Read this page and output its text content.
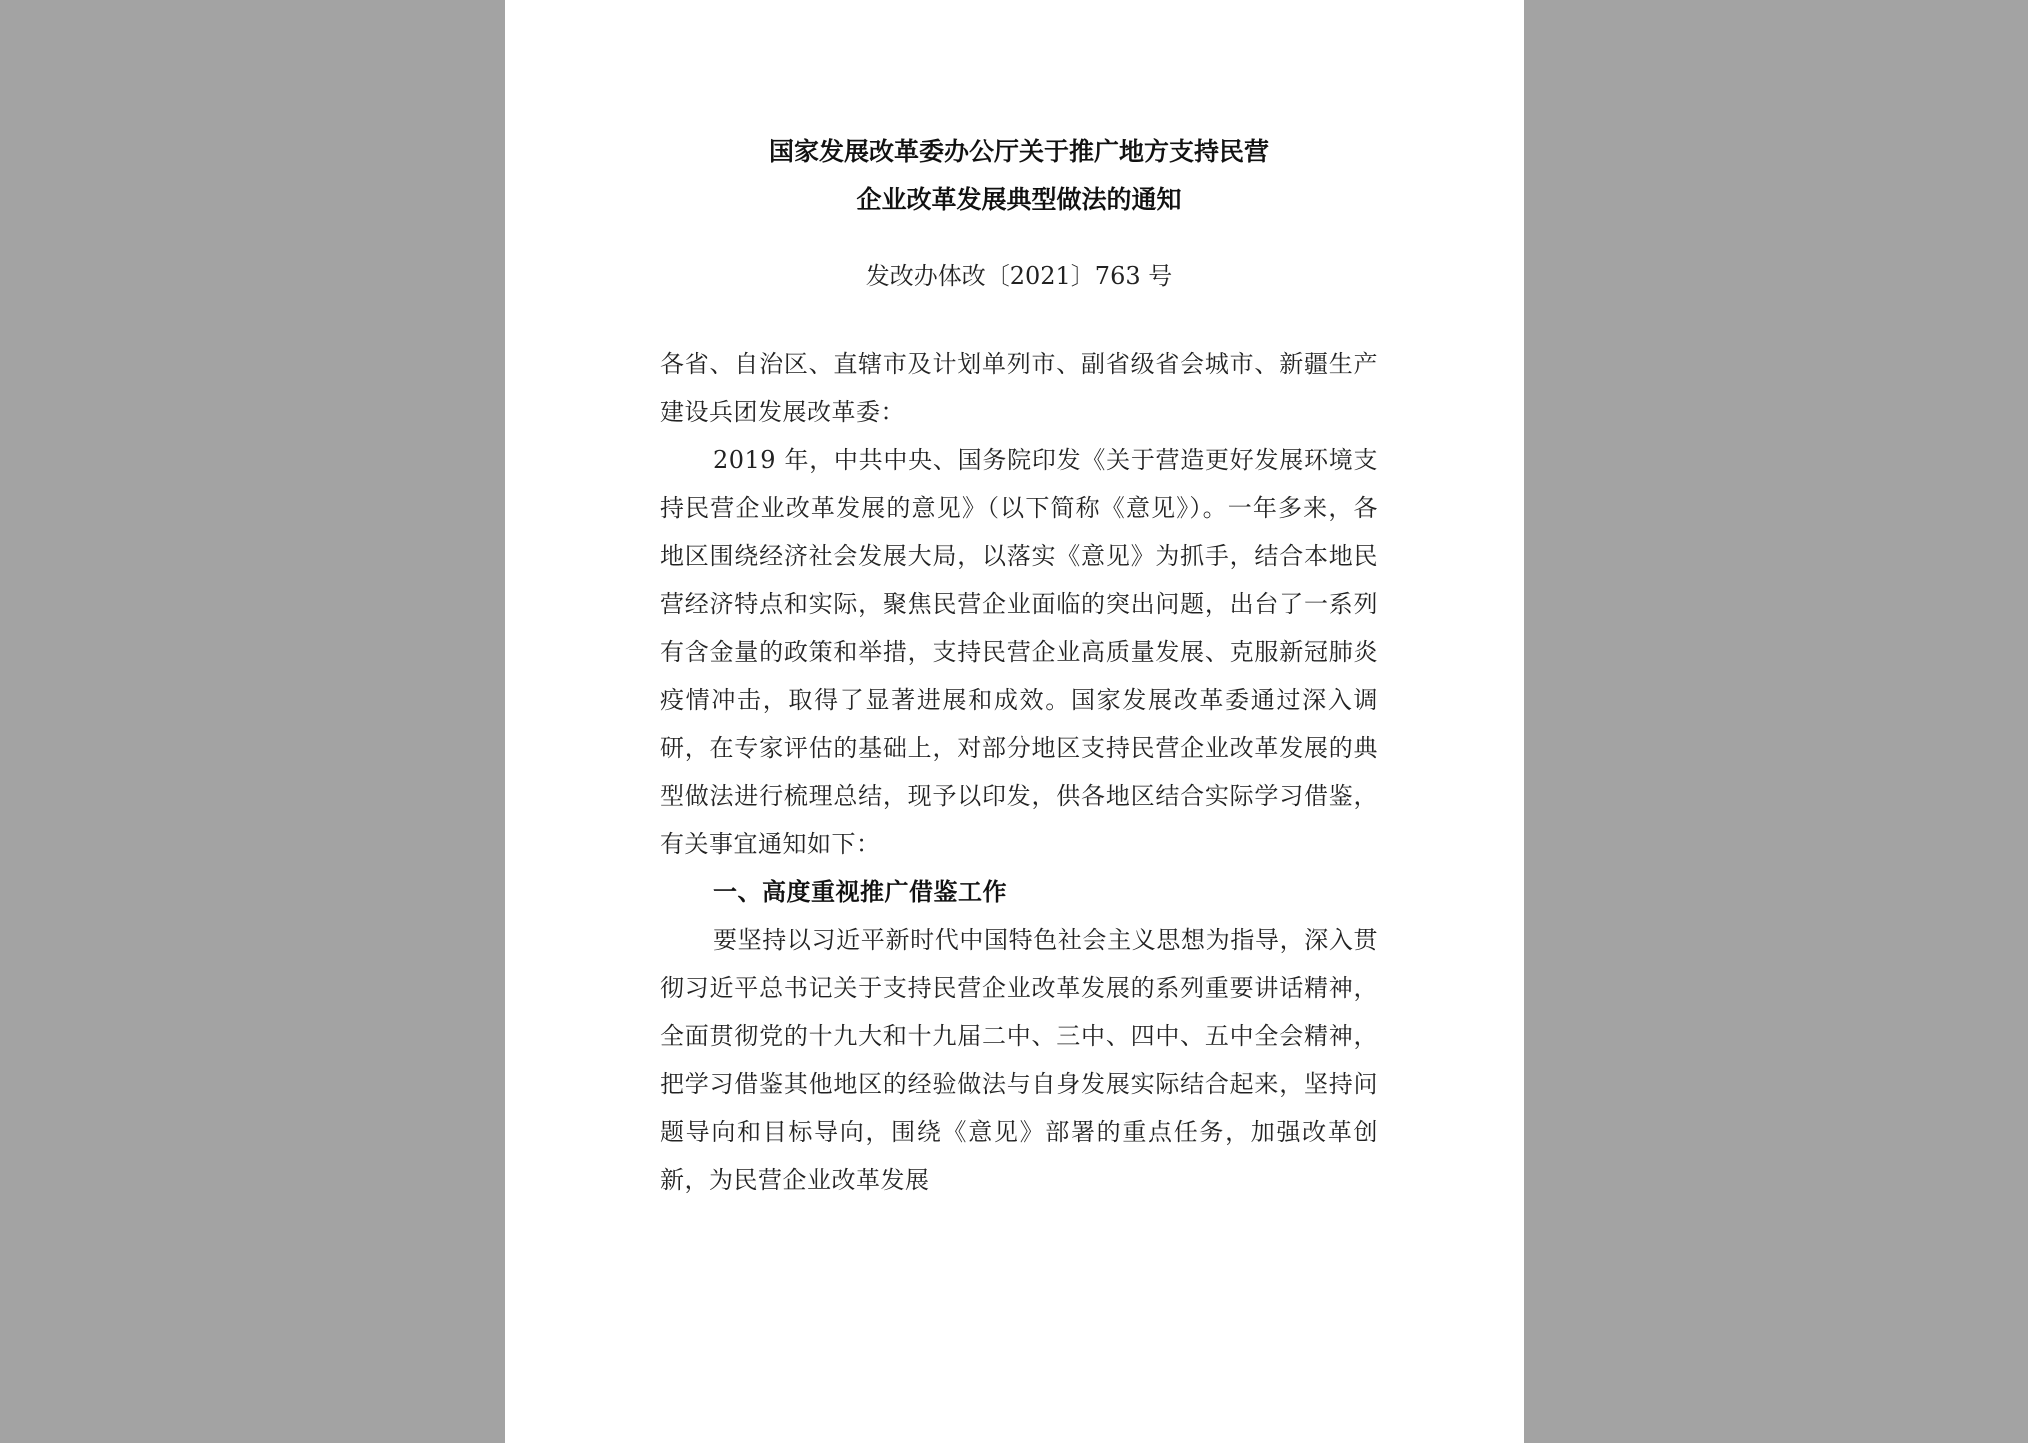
国家发展改革委办公厅关于推广地方支持民营

企业改革发展典型做法的通知

发改办体改〔2021〕763 号

各省、自治区、直辖市及计划单列市、副省级省会城市、新疆生产建设兵团发展改革委：

2019 年，中共中央、国务院印发《关于营造更好发展环境支持民营企业改革发展的意见》（以下简称《意见》）。一年多来，各地区围绕经济社会发展大局，以落实《意见》为抓手，结合本地民营经济特点和实际，聚焦民营企业面临的突出问题，出台了一系列有含金量的政策和举措，支持民营企业高质量发展、克服新冠肺炎疫情冲击，取得了显著进展和成效。国家发展改革委通过深入调研，在专家评估的基础上，对部分地区支持民营企业改革发展的典型做法进行梳理总结，现予以印发，供各地区结合实际学习借鉴，有关事宜通知如下：

一、高度重视推广借鉴工作

要坚持以习近平新时代中国特色社会主义思想为指导，深入贯彻习近平总书记关于支持民营企业改革发展的系列重要讲话精神，全面贯彻党的十九大和十九届二中、三中、四中、五中全会精神，把学习借鉴其他地区的经验做法与自身发展实际结合起来，坚持问题导向和目标导向，围绕《意见》部署的重点任务，加强改革创新，为民营企业改革发展
